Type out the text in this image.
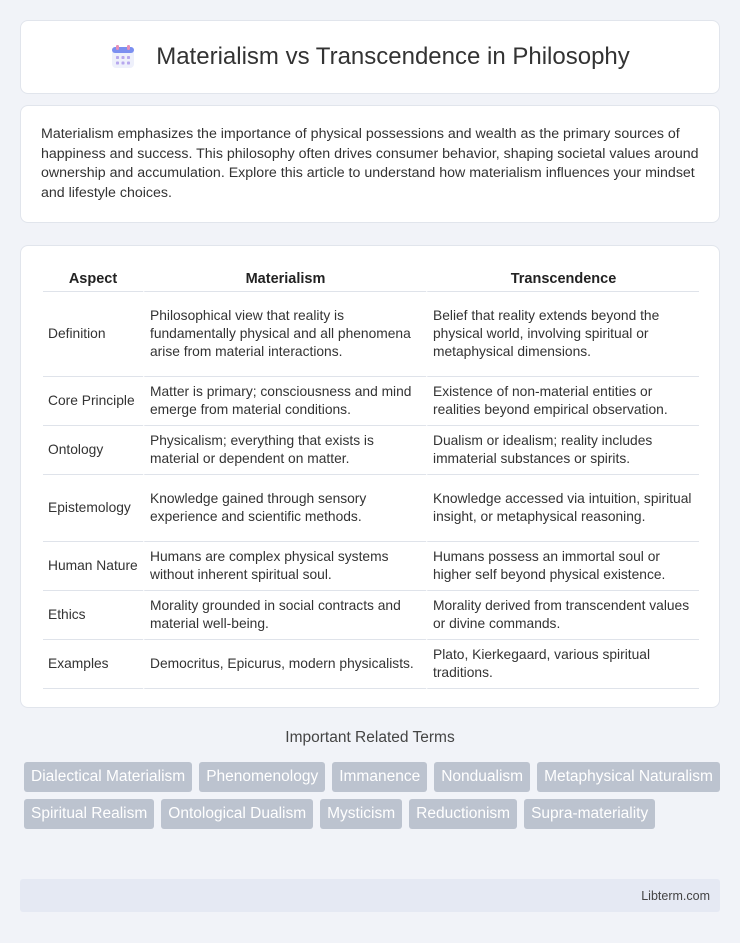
Materialism vs Transcendence in Philosophy

Materialism emphasizes the importance of physical possessions and wealth as the primary sources of happiness and success. This philosophy often drives consumer behavior, shaping societal values around ownership and accumulation. Explore this article to understand how materialism influences your mindset and lifestyle choices.

Aspect	Materialism	Transcendence
Definition	Philosophical view that reality is fundamentally physical and all phenomena arise from material interactions.	Belief that reality extends beyond the physical world, involving spiritual or metaphysical dimensions.
Core Principle	Matter is primary; consciousness and mind emerge from material conditions.	Existence of non-material entities or realities beyond empirical observation.
Ontology	Physicalism; everything that exists is material or dependent on matter.	Dualism or idealism; reality includes immaterial substances or spirits.
Epistemology	Knowledge gained through sensory experience and scientific methods.	Knowledge accessed via intuition, spiritual insight, or metaphysical reasoning.
Human Nature	Humans are complex physical systems without inherent spiritual soul.	Humans possess an immortal soul or higher self beyond physical existence.
Ethics	Morality grounded in social contracts and material well-being.	Morality derived from transcendent values or divine commands.
Examples	Democritus, Epicurus, modern physicalists.	Plato, Kierkegaard, various spiritual traditions.
Important Related Terms
Dialectical Materialism	Phenomenology	Immanence	Nondualism	Metaphysical Naturalism
Spiritual Realism	Ontological Dualism	Mysticism	Reductionism	Supra-materiality
Libterm.com
